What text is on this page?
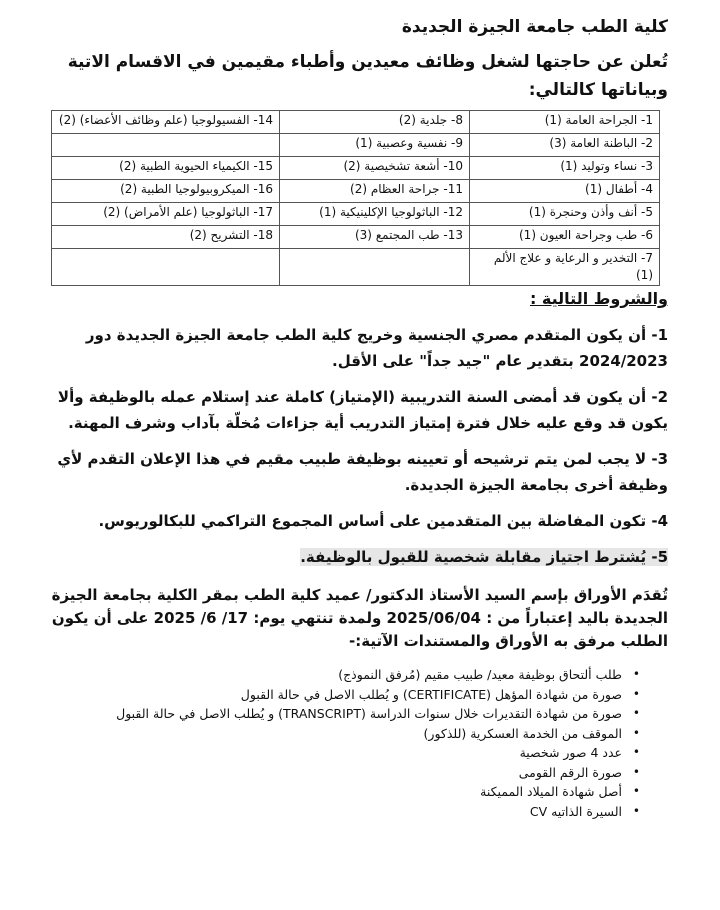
كلية الطب جامعة الجيزة الجديدة

تُعلن عن حاجتها لشغل وظائف معيدين وأطباء مقيمين في الاقسام الاتية وبياناتها كالتالي:

1- الجراحة العامة (1)	8- جلدية (2)	14- الفسيولوجيا (علم وظائف الأعضاء) (2)
2- الباطنة العامة (3)	9- نفسية وعصبية (1)	
3- نساء وتوليد (1)	10- أشعة تشخيصية (2)	15- الكيمياء الحيوية الطبية (2)
4- أطفال (1)	11- جراحة العظام (2)	16- الميكروبيولوجيا الطبية (2)
5- أنف وأذن وحنجرة (1)	12- الباثولوجيا الإكلينيكية (1)	17- الباثولوجيا (علم الأمراض) (2)
6- طب وجراحة العيون (1)	13- طب المجتمع (3)	18- التشريح (2)
7- التخدير و الرعاية و علاج الألم (1)		

والشروط التالية :

1- أن يكون المتقدم مصري الجنسية وخريج كلية الطب جامعة الجيزة الجديدة دور 2024/2023 بتقدير عام "جيد جداً" على الأقل.

2- أن يكون قد أمضى السنة التدريبية (الإمتياز) كاملة عند إستلام عمله بالوظيفة وألا يكون قد وقع عليه خلال فترة إمتياز التدريب أية جزاءات مُخلّة بآداب وشرف المهنة.

3- لا يجب لمن يتم ترشيحه أو تعيينه بوظيفة طبيب مقيم في هذا الإعلان التقدم لأي وظيفة أخرى بجامعة الجيزة الجديدة.

4- تكون المفاضلة بين المتقدمين على أساس المجموع التراكمي للبكالوريوس.

5- يُشترط اجتياز مقابلة شخصية للقبول بالوظيفة.

تُقدَم الأوراق بإسم السيد الأستاذ الدكتور/ عميد كلية الطب بمقر الكلية بجامعة الجيزة الجديدة باليد إعتباراً من : 2025/06/04 ولمدة تنتهي يوم: 17/ 6/ 2025 على أن يكون الطلب مرفق به الأوراق والمستندات الآتية:-

•
طلب ألتحاق بوظيفة معيد/ طبيب مقيم (مُرفق النموذج)
•
صورة من شهادة المؤهل (CERTIFICATE) و يُطلب الاصل في حالة القبول
•
صورة من شهادة التقديرات خلال سنوات الدراسة (TRANSCRIPT) و يُطلب الاصل في حالة القبول
•
الموقف من الخدمة العسكرية (للذكور)
•
عدد 4 صور شخصية
•
صورة الرقم القومى
•
أصل شهادة الميلاد المميكنة
•
السيرة الذاتيه CV
